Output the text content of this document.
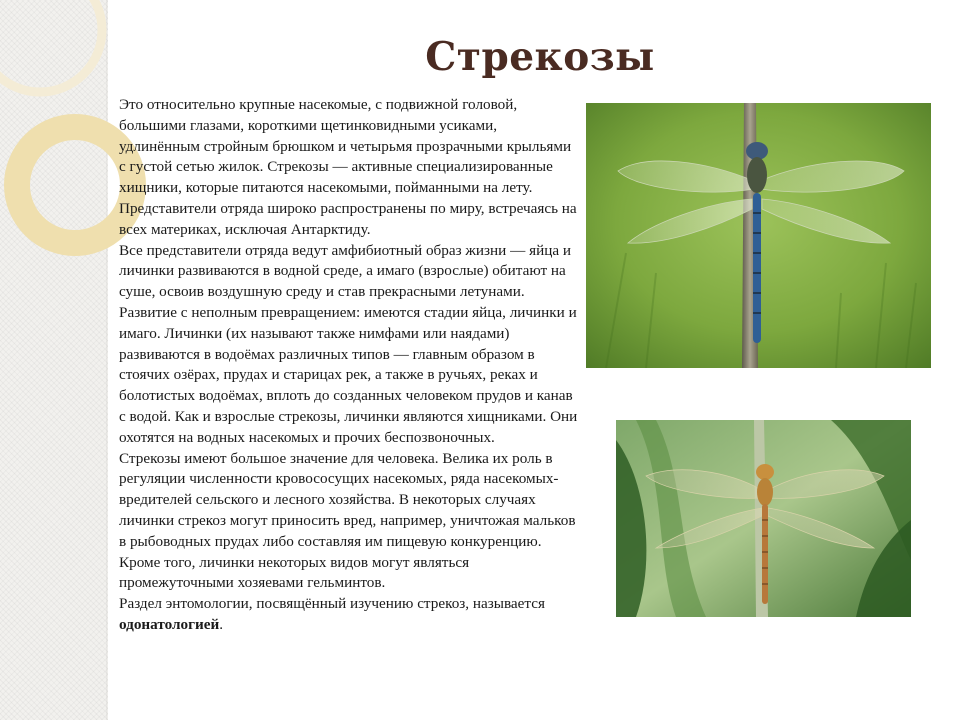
Стрекозы

Это относительно крупные насекомые, с подвижной головой, большими глазами, короткими щетинковидными усиками, удлинённым стройным брюшком и четырьмя прозрачными крыльями с густой сетью жилок. Стрекозы — активные специализированные хищники, которые питаются насекомыми, пойманными на лету. Представители отряда широко распространены по миру, встречаясь на всех материках, исключая Антарктиду.

Все представители отряда ведут амфибиотный образ жизни — яйца и личинки развиваются в водной среде, а имаго (взрослые) обитают на суше, освоив воздушную среду и став прекрасными летунами. Развитие с неполным превращением: имеются стадии яйца, личинки и имаго. Личинки (их называют также нимфами или наядами) развиваются в водоёмах различных типов — главным образом в стоячих озёрах, прудах и старицах рек, а также в ручьях, реках и болотистых водоёмах, вплоть до созданных человеком прудов и канав с водой. Как и взрослые стрекозы, личинки являются хищниками. Они охотятся на водных насекомых и прочих беспозвоночных.

Стрекозы имеют большое значение для человека. Велика их роль в регуляции численности кровососущих насекомых, ряда насекомых-вредителей сельского и лесного хозяйства. В некоторых случаях личинки стрекоз могут приносить вред, например, уничтожая мальков в рыбоводных прудах либо составляя им пищевую конкуренцию. Кроме того, личинки некоторых видов могут являться промежуточными хозяевами гельминтов.

Раздел энтомологии, посвящённый изучению стрекоз, называется одонатологией.
